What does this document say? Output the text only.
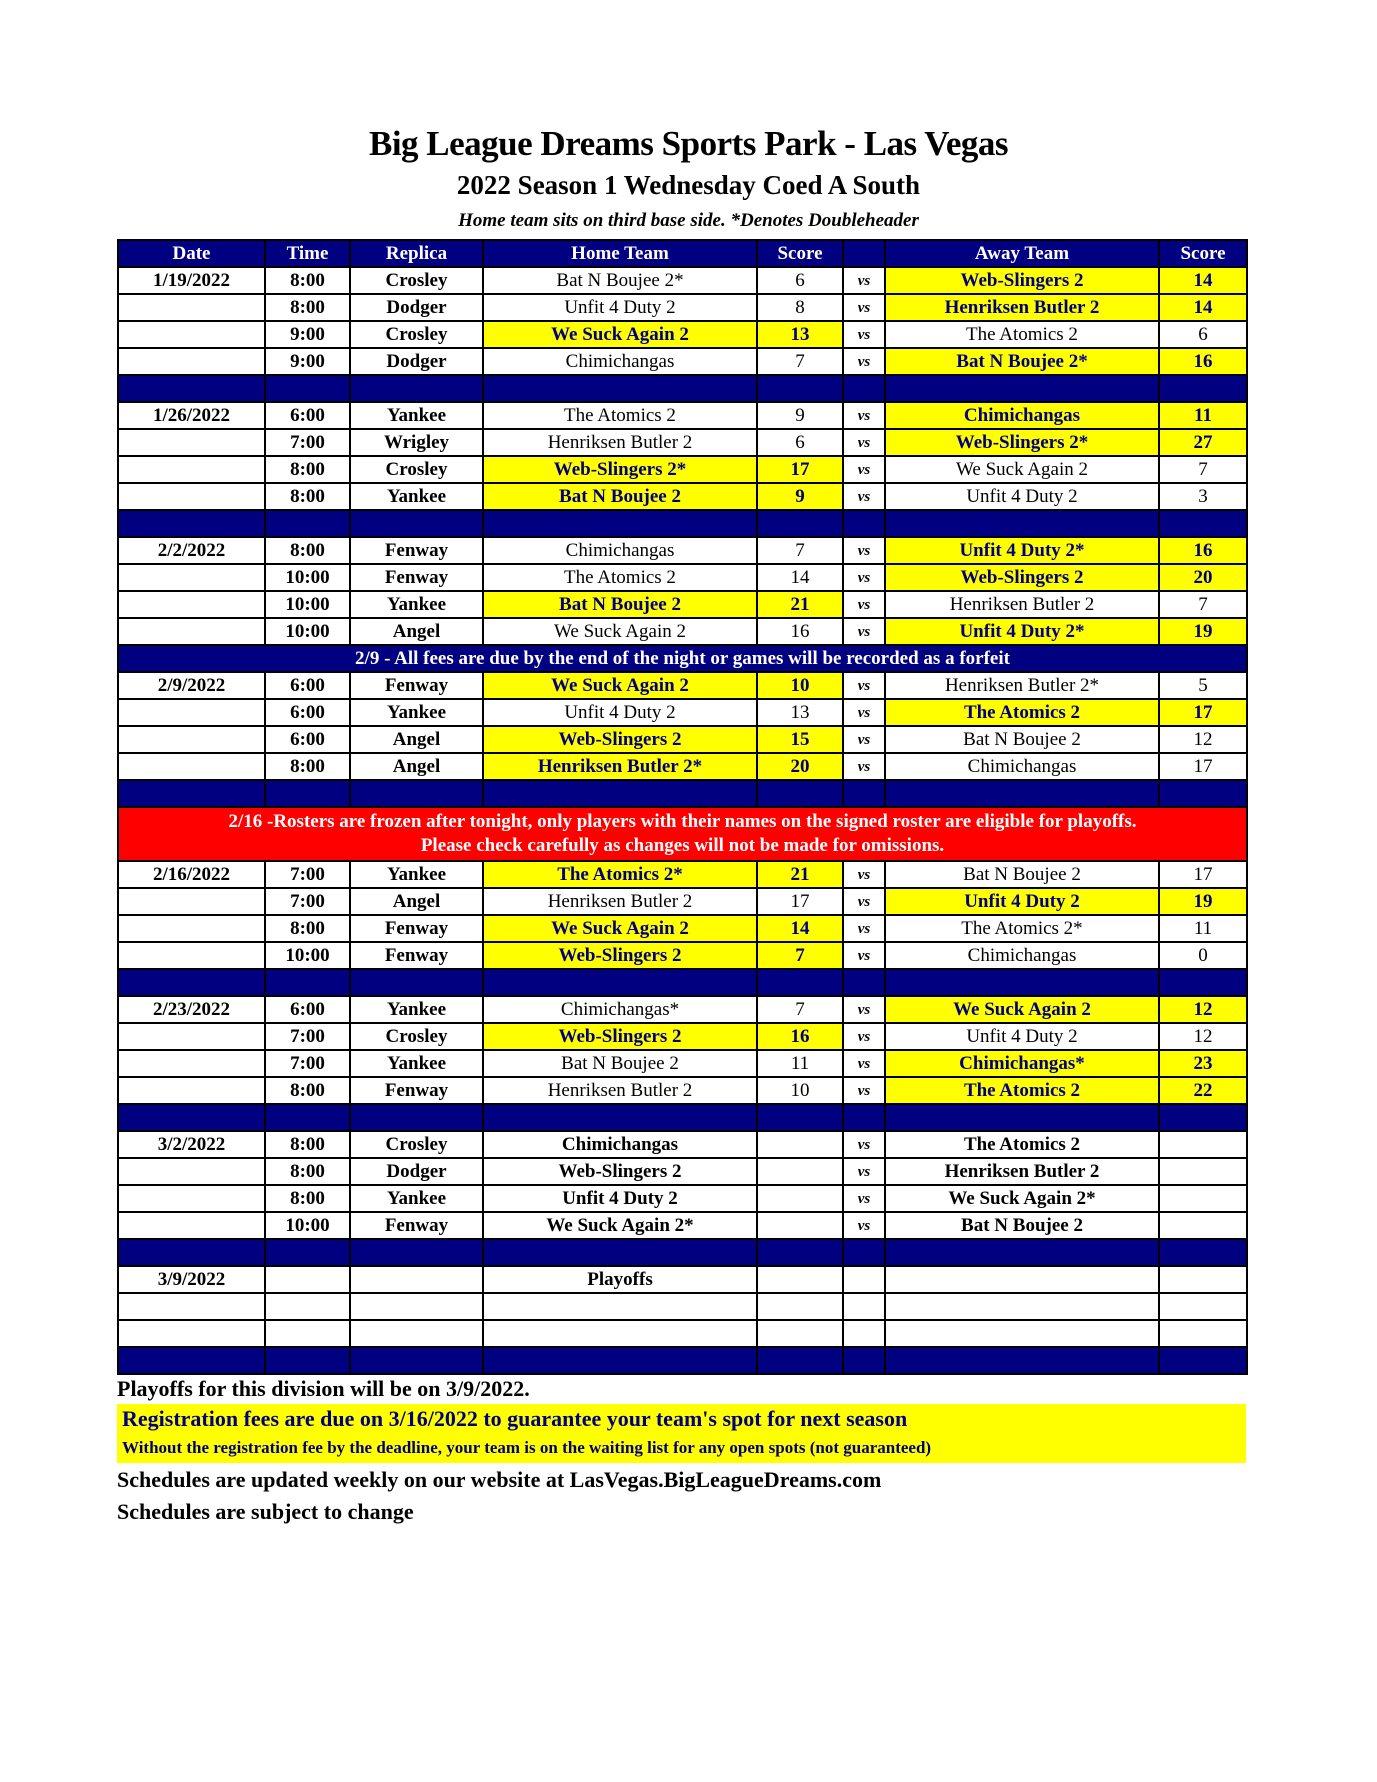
Big League Dreams Sports Park - Las Vegas
2022 Season 1 Wednesday Coed A South
Home team sits on third base side. *Denotes Doubleheader
Date	Time	Replica	Home Team	Score		Away Team	Score
1/19/2022	8:00	Crosley	Bat N Boujee 2*	6	vs	Web-Slingers 2	14
	8:00	Dodger	Unfit 4 Duty 2	8	vs	Henriksen Butler 2	14
	9:00	Crosley	We Suck Again 2	13	vs	The Atomics 2	6
	9:00	Dodger	Chimichangas	7	vs	Bat N Boujee 2*	16

1/26/2022	6:00	Yankee	The Atomics 2	9	vs	Chimichangas	11
	7:00	Wrigley	Henriksen Butler 2	6	vs	Web-Slingers 2*	27
	8:00	Crosley	Web-Slingers 2*	17	vs	We Suck Again 2	7
	8:00	Yankee	Bat N Boujee 2	9	vs	Unfit 4 Duty 2	3

2/2/2022	8:00	Fenway	Chimichangas	7	vs	Unfit 4 Duty 2*	16
	10:00	Fenway	The Atomics 2	14	vs	Web-Slingers 2	20
	10:00	Yankee	Bat N Boujee 2	21	vs	Henriksen Butler 2	7
	10:00	Angel	We Suck Again 2	16	vs	Unfit 4 Duty 2*	19
2/9 - All fees are due by the end of the night or games will be recorded as a forfeit							
2/9/2022	6:00	Fenway	We Suck Again 2	10	vs	Henriksen Butler 2*	5
	6:00	Yankee	Unfit 4 Duty 2	13	vs	The Atomics 2	17
	6:00	Angel	Web-Slingers 2	15	vs	Bat N Boujee 2	12
	8:00	Angel	Henriksen Butler 2*	20	vs	Chimichangas	17

2/16 -Rosters are frozen after tonight, only players with their names on the signed roster are eligible for playoffs.
Please check carefully as changes will not be made for omissions.							

2/16/2022	7:00	Yankee	The Atomics 2*	21	vs	Bat N Boujee 2	17
	7:00	Angel	Henriksen Butler 2	17	vs	Unfit 4 Duty 2	19
	8:00	Fenway	We Suck Again 2	14	vs	The Atomics 2*	11
	10:00	Fenway	Web-Slingers 2	7	vs	Chimichangas	0

2/23/2022	6:00	Yankee	Chimichangas*	7	vs	We Suck Again 2	12
	7:00	Crosley	Web-Slingers 2	16	vs	Unfit 4 Duty 2	12
	7:00	Yankee	Bat N Boujee 2	11	vs	Chimichangas*	23
	8:00	Fenway	Henriksen Butler 2	10	vs	The Atomics 2	22

3/2/2022	8:00	Crosley	Chimichangas		vs	The Atomics 2	
	8:00	Dodger	Web-Slingers 2		vs	Henriksen Butler 2	
	8:00	Yankee	Unfit 4 Duty 2		vs	We Suck Again 2*	
	10:00	Fenway	We Suck Again 2*		vs	Bat N Boujee 2	

3/9/2022			Playoffs				

Playoffs for this division will be on 3/9/2022.
Registration fees are due on 3/16/2022 to guarantee your team's spot for next season
Without the registration fee by the deadline, your team is on the waiting list for any open spots (not guaranteed)
Schedules are updated weekly on our website at LasVegas.BigLeagueDreams.com
Schedules are subject to change
